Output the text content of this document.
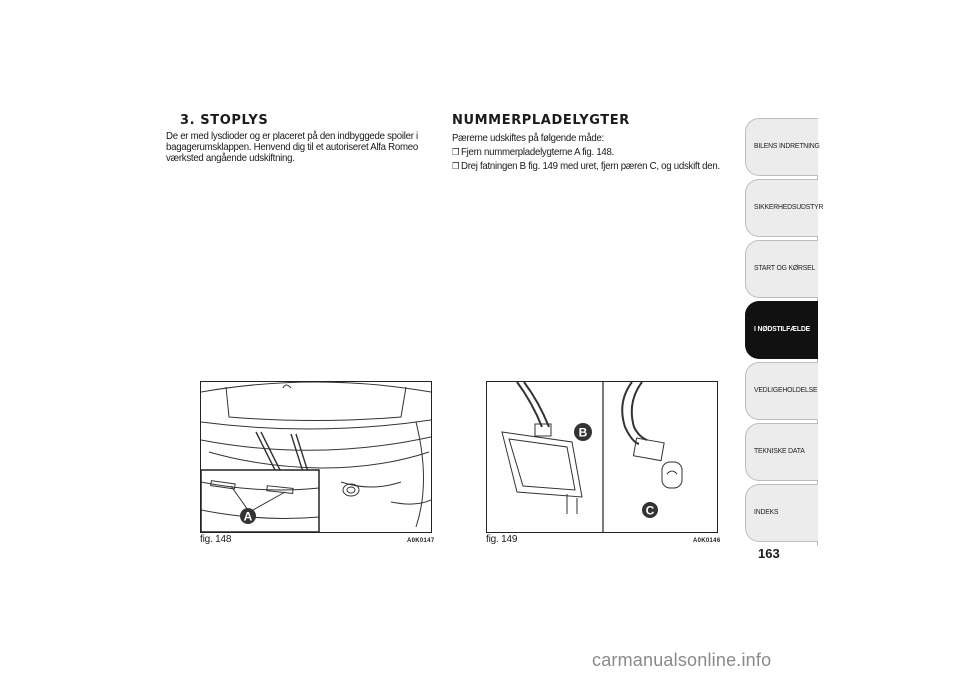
3. STOPLYS
De er med lysdioder og er placeret på den indbyggede spoiler i
bagagerumsklappen. Henvend dig til et autoriseret Alfa Romeo
værksted angående udskiftning.
NUMMERPLADELYGTER
Pærerne udskiftes på følgende måde:
❒ Fjern nummerpladelygterne A fig. 148.
❒ Drej fatningen B fig. 149 med uret, fjern pæren C, og udskift den.
A
fig. 148	A0K0147
B
C
fig. 149	A0K0146
BILENS INDRETNING
SIKKERHEDSUDSTYR
START OG KØRSEL
I NØDSTILFÆLDE
VEDLIGEHOLDELSE
TEKNISKE DATA
INDEKS
163
carmanualsonline.info
